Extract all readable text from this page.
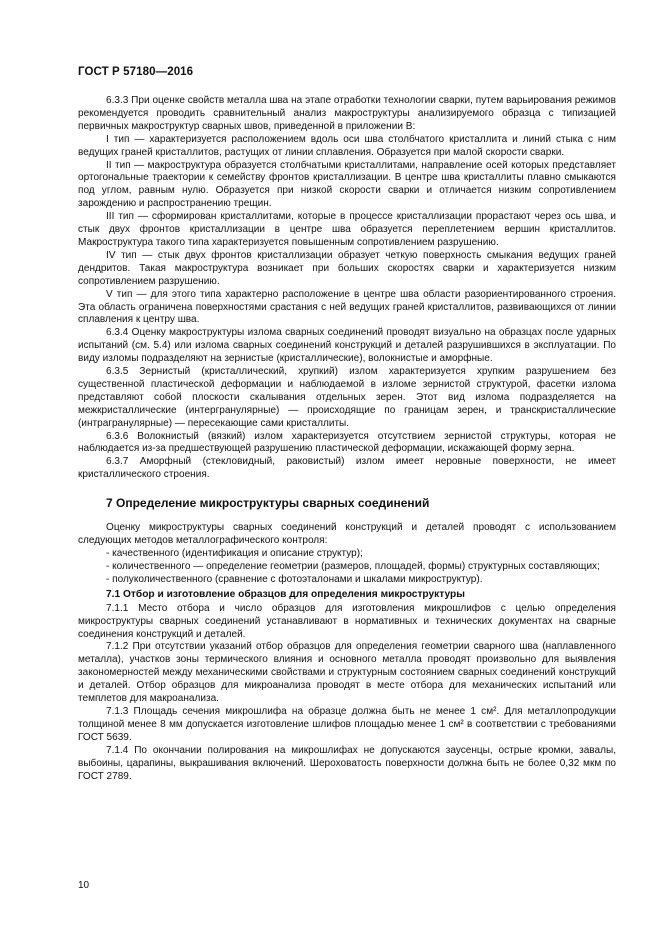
ГОСТ Р 57180—2016

6.3.3 При оценке свойств металла шва на этапе отработки технологии сварки, путем варьирования режимов рекомендуется проводить сравнительный анализ макроструктуры анализируемого образца с типизацией первичных макроструктур сварных швов, приведенной в приложении В:

I тип — характеризуется расположением вдоль оси шва столбчатого кристаллита и линий стыка с ним ведущих граней кристаллитов, растущих от линии сплавления. Образуется при малой скорости сварки.

II тип — макроструктура образуется столбчатыми кристаллитами, направление осей которых представляет ортогональные траектории к семейству фронтов кристаллизации. В центре шва кристаллиты плавно смыкаются под углом, равным нулю. Образуется при низкой скорости сварки и отличается низким сопротивлением зарождению и распространению трещин.

III тип — сформирован кристаллитами, которые в процессе кристаллизации прорастают через ось шва, и стык двух фронтов кристаллизации в центре шва образуется переплетением вершин кристаллитов. Макроструктура такого типа характеризуется повышенным сопротивлением разрушению.

IV тип — стык двух фронтов кристаллизации образует четкую поверхность смыкания ведущих граней дендритов. Такая макроструктура возникает при больших скоростях сварки и характеризуется низким сопротивлением разрушению.

V тип — для этого типа характерно расположение в центре шва области разориентированного строения. Эта область ограничена поверхностями срастания с ней ведущих граней кристаллитов, развивающихся от линии сплавления к центру шва.

6.3.4 Оценку макроструктуры излома сварных соединений проводят визуально на образцах после ударных испытаний (см. 5.4) или излома сварных соединений конструкций и деталей разрушившихся в эксплуатации. По виду изломы подразделяют на зернистые (кристаллические), волокнистые и аморфные.

6.3.5 Зернистый (кристаллический, хрупкий) излом характеризуется хрупким разрушением без существенной пластической деформации и наблюдаемой в изломе зернистой структурой, фасетки излома представляют собой плоскости скалывания отдельных зерен. Этот вид излома подразделяется на межкристаллические (интергранулярные) — происходящие по границам зерен, и транскристаллические (интрагранулярные) — пересекающие сами кристаллиты.

6.3.6 Волокнистый (вязкий) излом характеризуется отсутствием зернистой структуры, которая не наблюдается из-за предшествующей разрушению пластической деформации, искажающей форму зерна.

6.3.7 Аморфный (стекловидный, раковистый) излом имеет неровные поверхности, не имеет кристаллического строения.

7 Определение микроструктуры сварных соединений

Оценку микроструктуры сварных соединений конструкций и деталей проводят с использованием следующих методов металлографического контроля:

- качественного (идентификация и описание структур);

- количественного — определение геометрии (размеров, площадей, формы) структурных составляющих;

- полуколичественного (сравнение с фотоэталонами и шкалами микроструктур).

7.1 Отбор и изготовление образцов для определения микроструктуры

7.1.1 Место отбора и число образцов для изготовления микрошлифов с целью определения микроструктуры сварных соединений устанавливают в нормативных и технических документах на сварные соединения конструкций и деталей.

7.1.2 При отсутствии указаний отбор образцов для определения геометрии сварного шва (наплавленного металла), участков зоны термического влияния и основного металла проводят произвольно для выявления закономерностей между механическими свойствами и структурным состоянием сварных соединений конструкций и деталей. Отбор образцов для микроанализа проводят в месте отбора для механических испытаний или темплетов для макроанализа.

7.1.3 Площадь сечения микрошлифа на образце должна быть не менее 1 см². Для металлопродукции толщиной менее 8 мм допускается изготовление шлифов площадью менее 1 см² в соответствии с требованиями ГОСТ 5639.

7.1.4 По окончании полирования на микрошлифах не допускаются заусенцы, острые кромки, завалы, выбоины, царапины, выкрашивания включений. Шероховатость поверхности должна быть не более 0,32 мкм по ГОСТ 2789.

10
